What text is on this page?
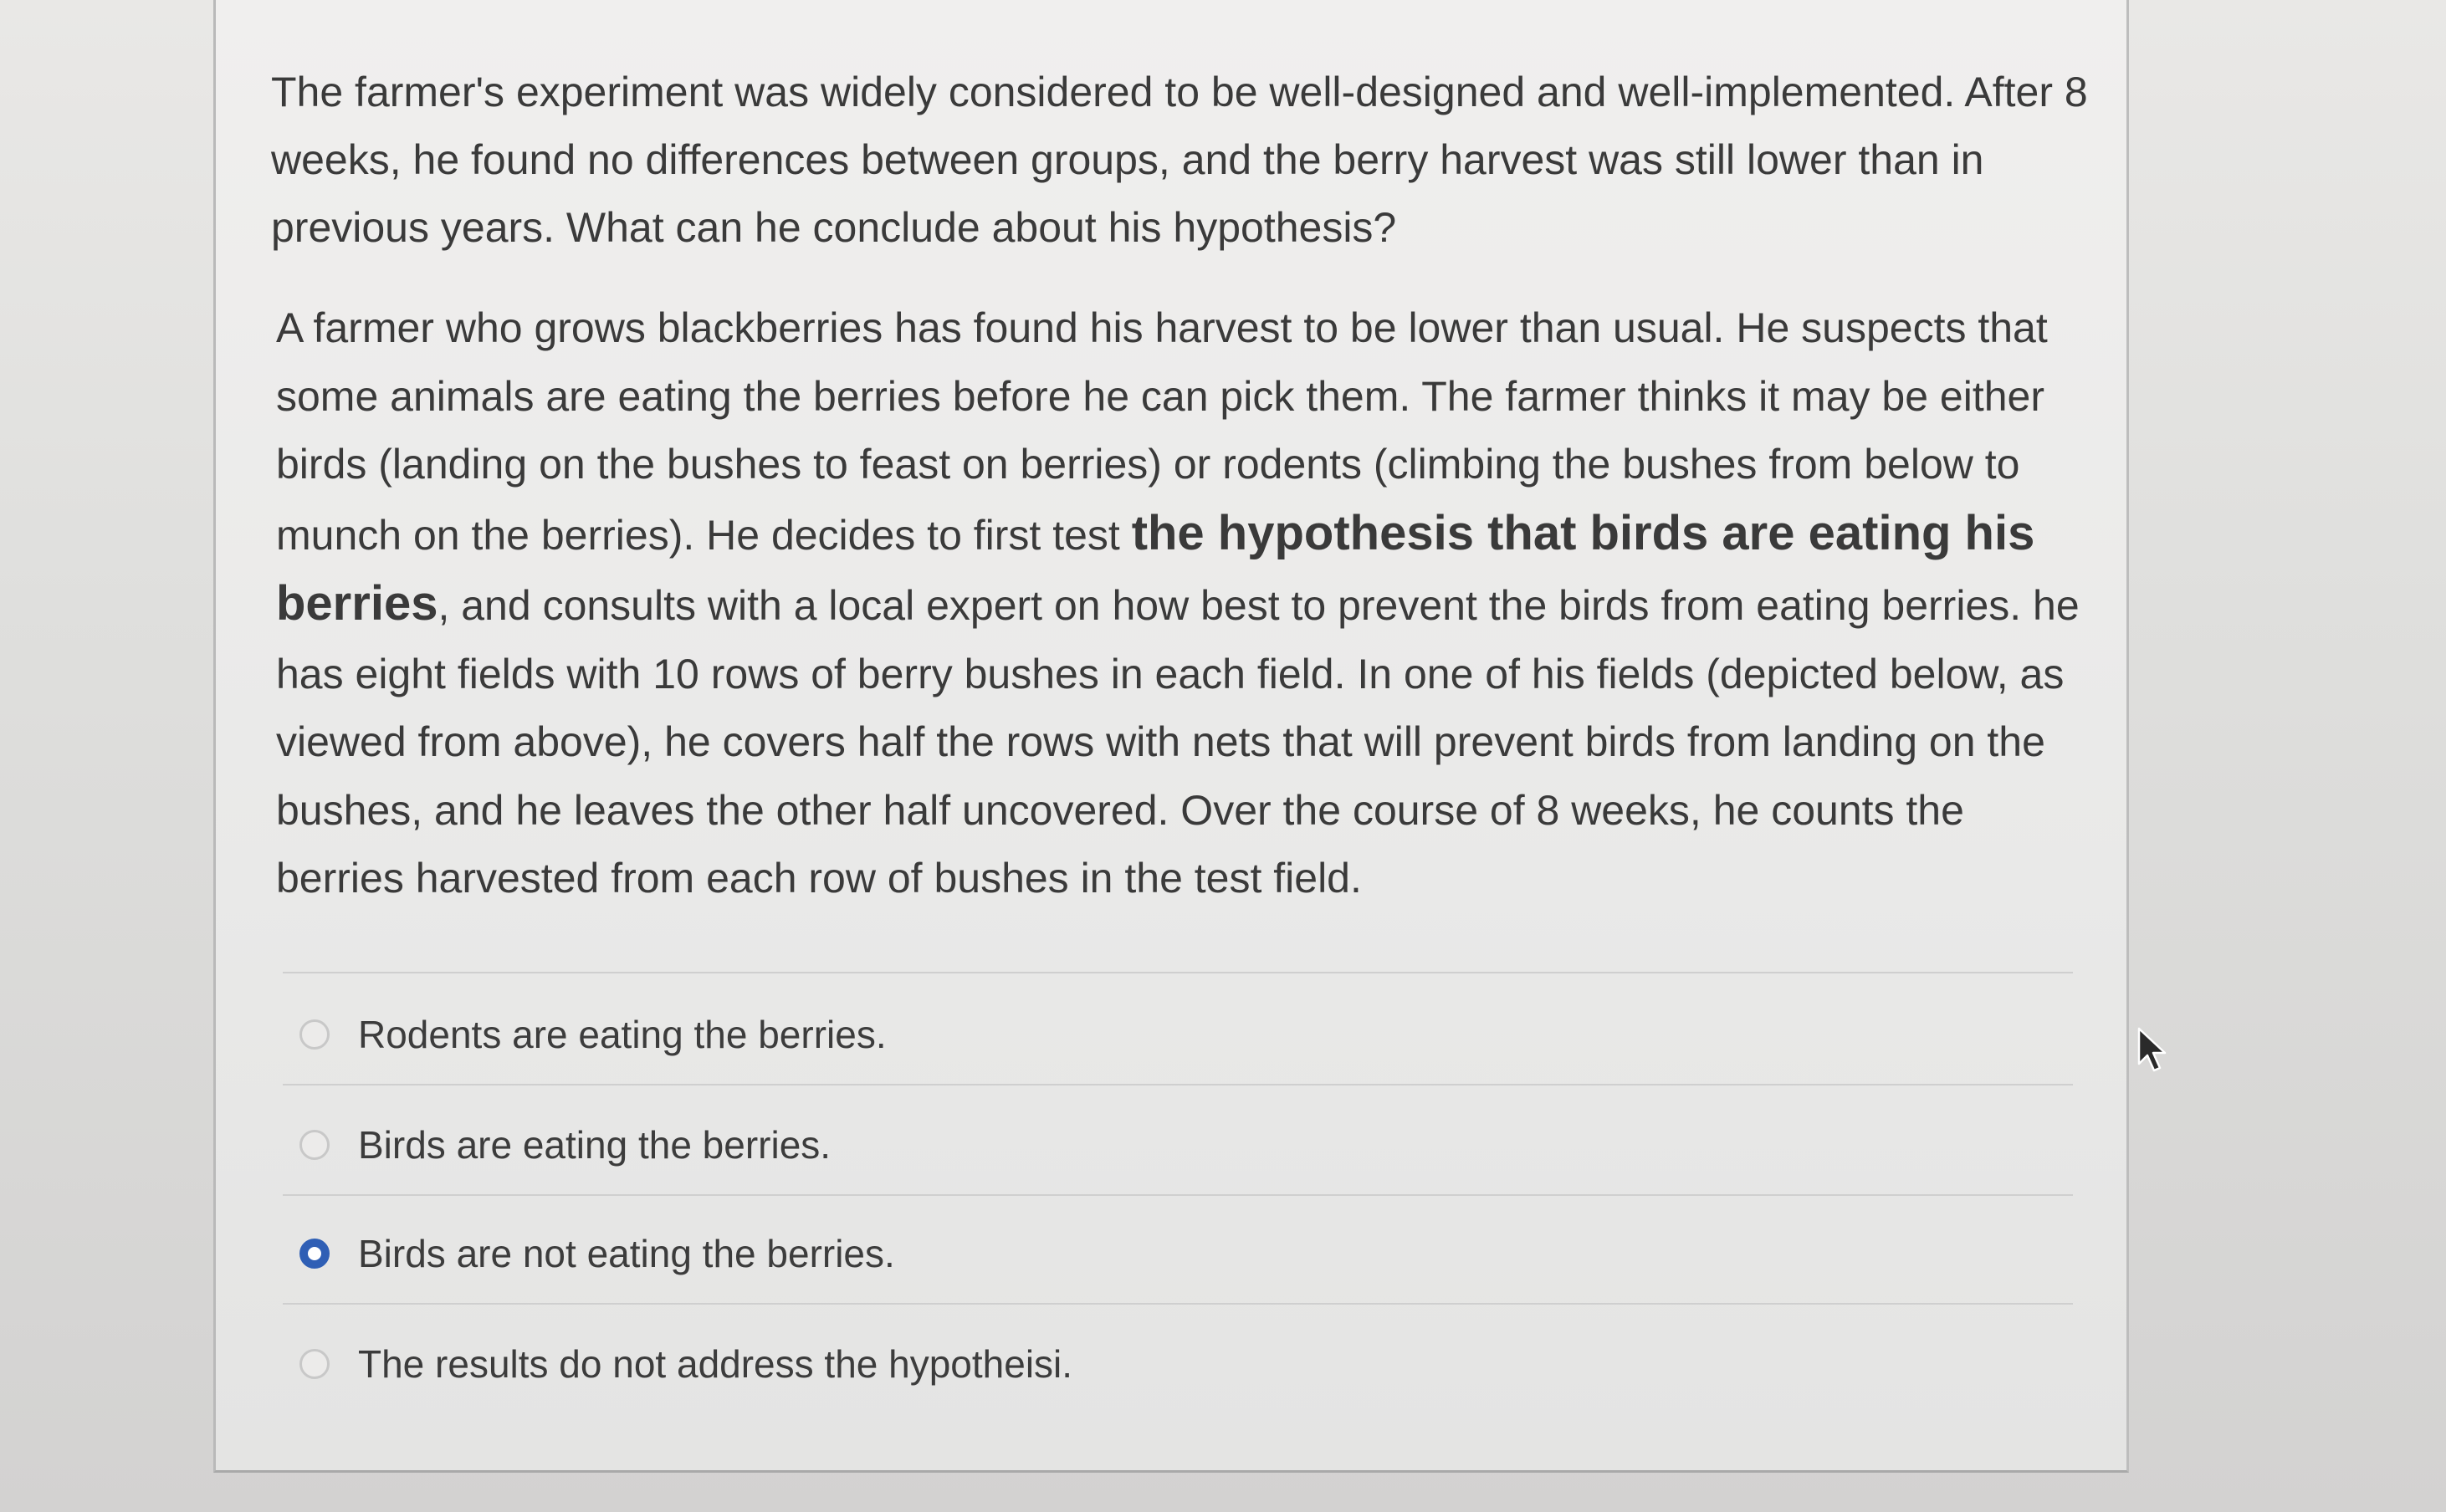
The farmer's experiment was widely considered to be well-designed and well-implemented. After 8 weeks, he found no differences between groups, and the berry harvest was still lower than in previous years. What can he conclude about his hypothesis?

A farmer who grows blackberries has found his harvest to be lower than usual. He suspects that some animals are eating the berries before he can pick them. The farmer thinks it may be either birds (landing on the bushes to feast on berries) or rodents (climbing the bushes from below to munch on the berries). He decides to first test the hypothesis that birds are eating his berries, and consults with a local expert on how best to prevent the birds from eating berries. he has eight fields with 10 rows of berry bushes in each field. In one of his fields (depicted below, as viewed from above), he covers half the rows with nets that will prevent birds from landing on the bushes, and he leaves the other half uncovered. Over the course of 8 weeks, he counts the berries harvested from each row of bushes in the test field.

Rodents are eating the berries.
Birds are eating the berries.
Birds are not eating the berries.
The results do not address the hypotheisi.
